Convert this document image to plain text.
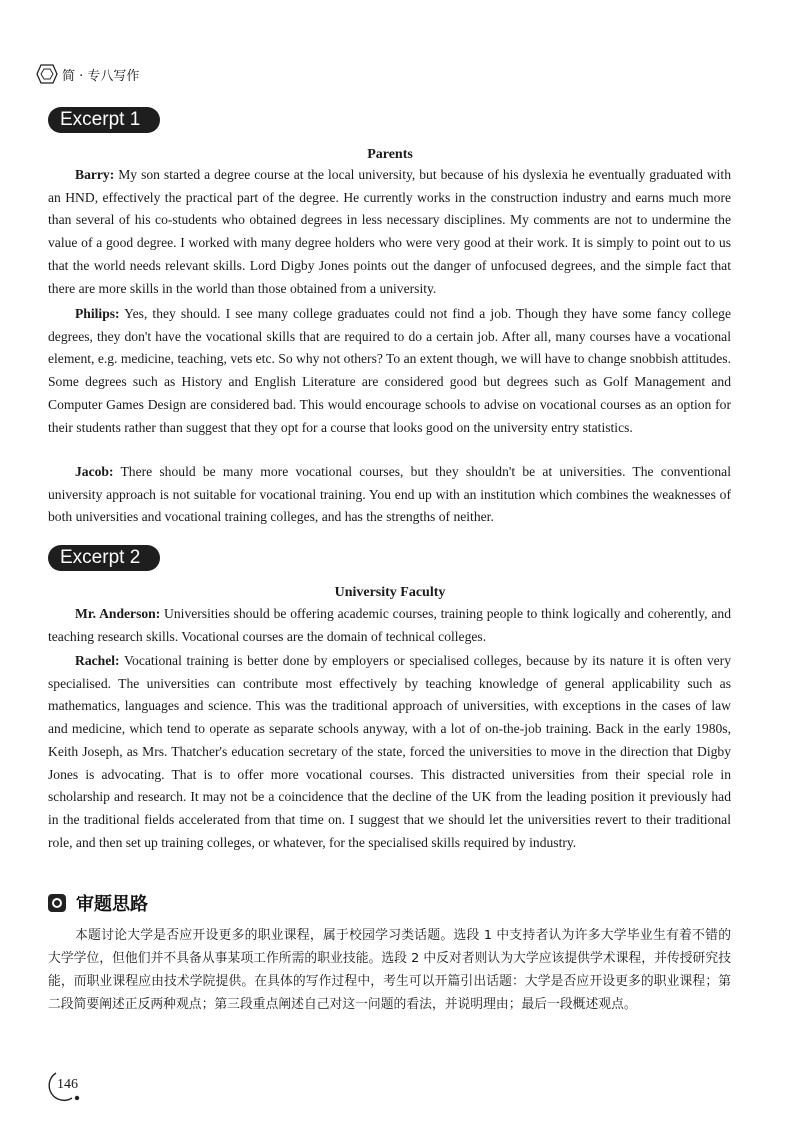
简 · 专八写作
Excerpt 1
Parents

Barry: My son started a degree course at the local university, but because of his dyslexia he eventually graduated with an HND, effectively the practical part of the degree. He currently works in the construction industry and earns much more than several of his co-students who obtained degrees in less necessary disciplines. My comments are not to undermine the value of a good degree. I worked with many degree holders who were very good at their work. It is simply to point out to us that the world needs relevant skills. Lord Digby Jones points out the danger of unfocused degrees, and the simple fact that there are more skills in the world than those obtained from a university.

Philips: Yes, they should. I see many college graduates could not find a job. Though they have some fancy college degrees, they don't have the vocational skills that are required to do a certain job. After all, many courses have a vocational element, e.g. medicine, teaching, vets etc. So why not others? To an extent though, we will have to change snobbish attitudes. Some degrees such as History and English Literature are considered good but degrees such as Golf Management and Computer Games Design are considered bad. This would encourage schools to advise on vocational courses as an option for their students rather than suggest that they opt for a course that looks good on the university entry statistics.

Jacob: There should be many more vocational courses, but they shouldn't be at universities. The conventional university approach is not suitable for vocational training. You end up with an institution which combines the weaknesses of both universities and vocational training colleges, and has the strengths of neither.

Excerpt 2
University Faculty

Mr. Anderson: Universities should be offering academic courses, training people to think logically and coherently, and teaching research skills. Vocational courses are the domain of technical colleges.

Rachel: Vocational training is better done by employers or specialised colleges, because by its nature it is often very specialised. The universities can contribute most effectively by teaching knowledge of general applicability such as mathematics, languages and science. This was the traditional approach of universities, with exceptions in the cases of law and medicine, which tend to operate as separate schools anyway, with a lot of on-the-job training. Back in the early 1980s, Keith Joseph, as Mrs. Thatcher's education secretary of the state, forced the universities to move in the direction that Digby Jones is advocating. That is to offer more vocational courses. This distracted universities from their special role in scholarship and research. It may not be a coincidence that the decline of the UK from the leading position it previously had in the traditional fields accelerated from that time on. I suggest that we should let the universities revert to their traditional role, and then set up training colleges, or whatever, for the specialised skills required by industry.

审题思路

本题讨论大学是否应开设更多的职业课程，属于校园学习类话题。选段 1 中支持者认为许多大学毕业生有着不错的大学学位，但他们并不具备从事某项工作所需的职业技能。选段 2 中反对者则认为大学应该提供学术课程，并传授研究技能，而职业课程应由技术学院提供。在具体的写作过程中，考生可以开篇引出话题：大学是否应开设更多的职业课程；第二段简要阐述正反两种观点；第三段重点阐述自己对这一问题的看法，并说明理由；最后一段概述观点。

146
